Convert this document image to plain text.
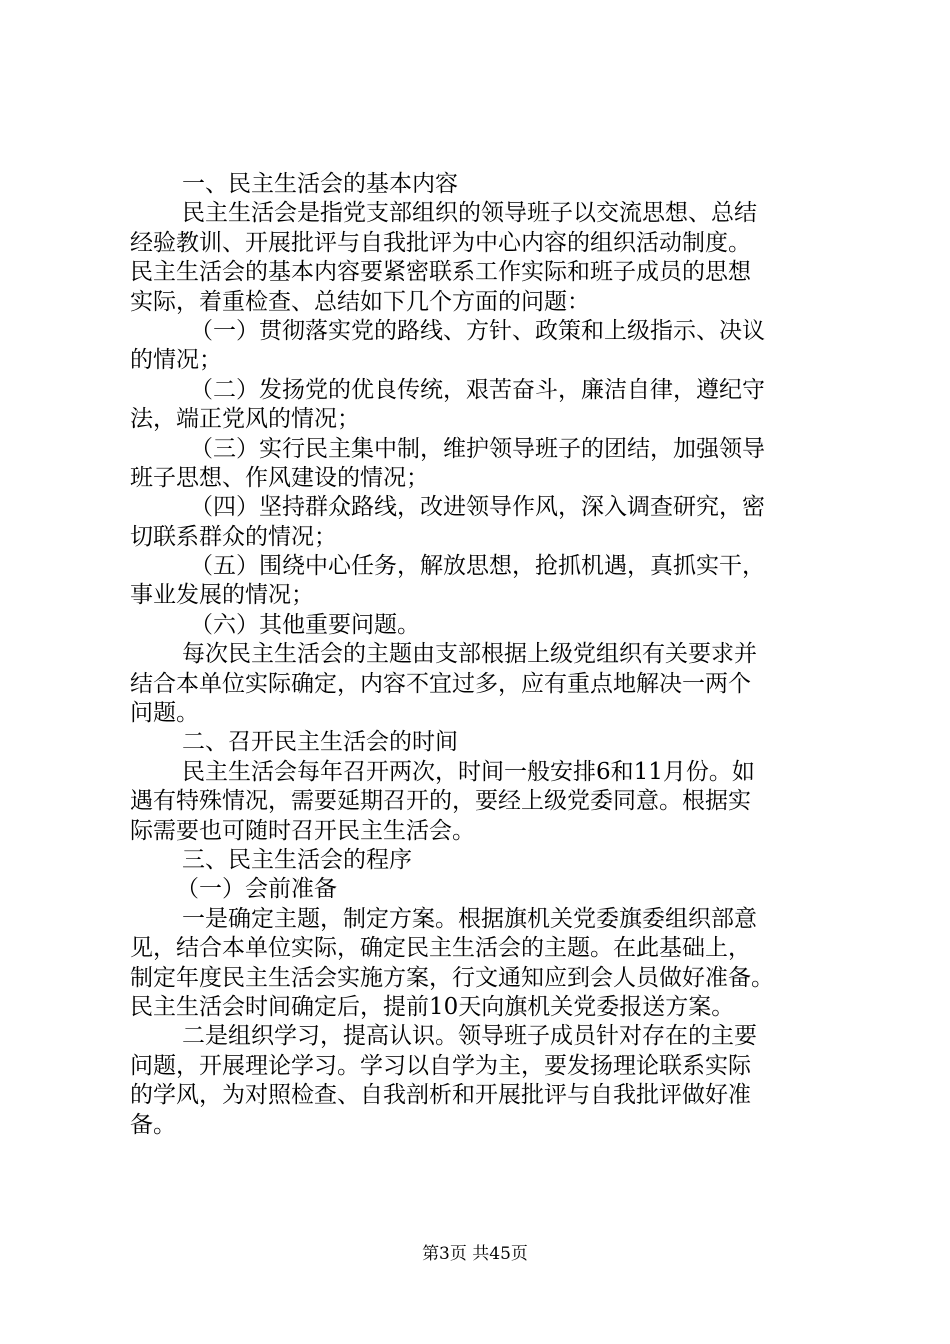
一、民主生活会的基本内容
民主生活会是指党支部组织的领导班子以交流思想、总结
经验教训、开展批评与自我批评为中心内容的组织活动制度。
民主生活会的基本内容要紧密联系工作实际和班子成员的思想
实际，着重检查、总结如下几个方面的问题：
（一）贯彻落实党的路线、方针、政策和上级指示、决议
的情况；
（二）发扬党的优良传统，艰苦奋斗，廉洁自律，遵纪守
法，端正党风的情况；
（三）实行民主集中制，维护领导班子的团结，加强领导
班子思想、作风建设的情况；
（四）坚持群众路线，改进领导作风，深入调查研究，密
切联系群众的情况；
（五）围绕中心任务，解放思想，抢抓机遇，真抓实干，
事业发展的情况；
（六）其他重要问题。
每次民主生活会的主题由支部根据上级党组织有关要求并
结合本单位实际确定，内容不宜过多，应有重点地解决一两个
问题。
二、召开民主生活会的时间
民主生活会每年召开两次，时间一般安排6和11月份。如
遇有特殊情况，需要延期召开的，要经上级党委同意。根据实
际需要也可随时召开民主生活会。
三、民主生活会的程序
（一）会前准备
一是确定主题，制定方案。根据旗机关党委旗委组织部意
见，结合本单位实际，确定民主生活会的主题。在此基础上，
制定年度民主生活会实施方案，行文通知应到会人员做好准备。
民主生活会时间确定后，提前10天向旗机关党委报送方案。
二是组织学习，提高认识。领导班子成员针对存在的主要
问题，开展理论学习。学习以自学为主，要发扬理论联系实际
的学风，为对照检查、自我剖析和开展批评与自我批评做好准
备。
第3页 共45页
